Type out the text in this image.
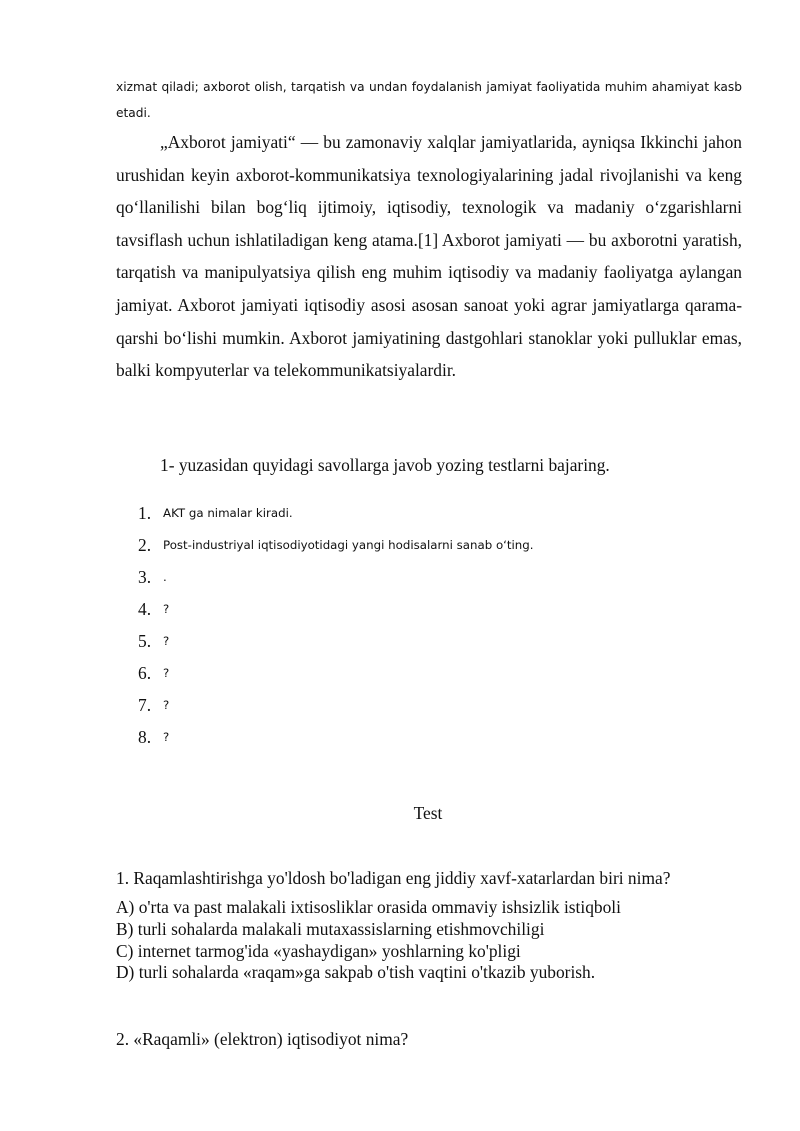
xizmat qiladi; axborot olish, tarqatish va undan foydalanish jamiyat faoliyatida muhim ahamiyat kasb etadi.

„Axborot jamiyati“ — bu zamonaviy xalqlar jamiyatlarida, ayniqsa Ikkinchi jahon urushidan keyin axborot-kommunikatsiya texnologiyalarining jadal rivojlanishi va keng qo‘llanilishi bilan bog‘liq ijtimoiy, iqtisodiy, texnologik va madaniy o‘zgarishlarni tavsiflash uchun ishlatiladigan keng atama.[1] Axborot jamiyati — bu axborotni yaratish, tarqatish va manipulyatsiya qilish eng muhim iqtisodiy va madaniy faoliyatga aylangan jamiyat. Axborot jamiyati iqtisodiy asosi asosan sanoat yoki agrar jamiyatlarga qarama-qarshi bo‘lishi mumkin. Axborot jamiyatining dastgohlari stanoklar yoki pulluklar emas, balki kompyuterlar va telekommunikatsiyalardir.

1- yuzasidan quyidagi savollarga javob yozing testlarni bajaring.
1.	AKT ga nimalar kiradi.
2.	Post-industriyal iqtisodiyotidagi yangi hodisalarni sanab o‘ting.
3.	.
4.	?
5.	?
6.	?
7.	?
8.	?
Test
1. Raqamlashtirishga yo'ldosh bo'ladigan eng jiddiy xavf-xatarlardan biri nima?
A) o'rta va past malakali ixtisosliklar orasida ommaviy ishsizlik istiqboli
B) turli sohalarda malakali mutaxassislarning etishmovchiligi
C) internet tarmog'ida «yashaydigan» yoshlarning ko'pligi
D) turli sohalarda «raqam»ga sakpab o'tish vaqtini o'tkazib yuborish.
2. «Raqamli» (elektron) iqtisodiyot nima?
